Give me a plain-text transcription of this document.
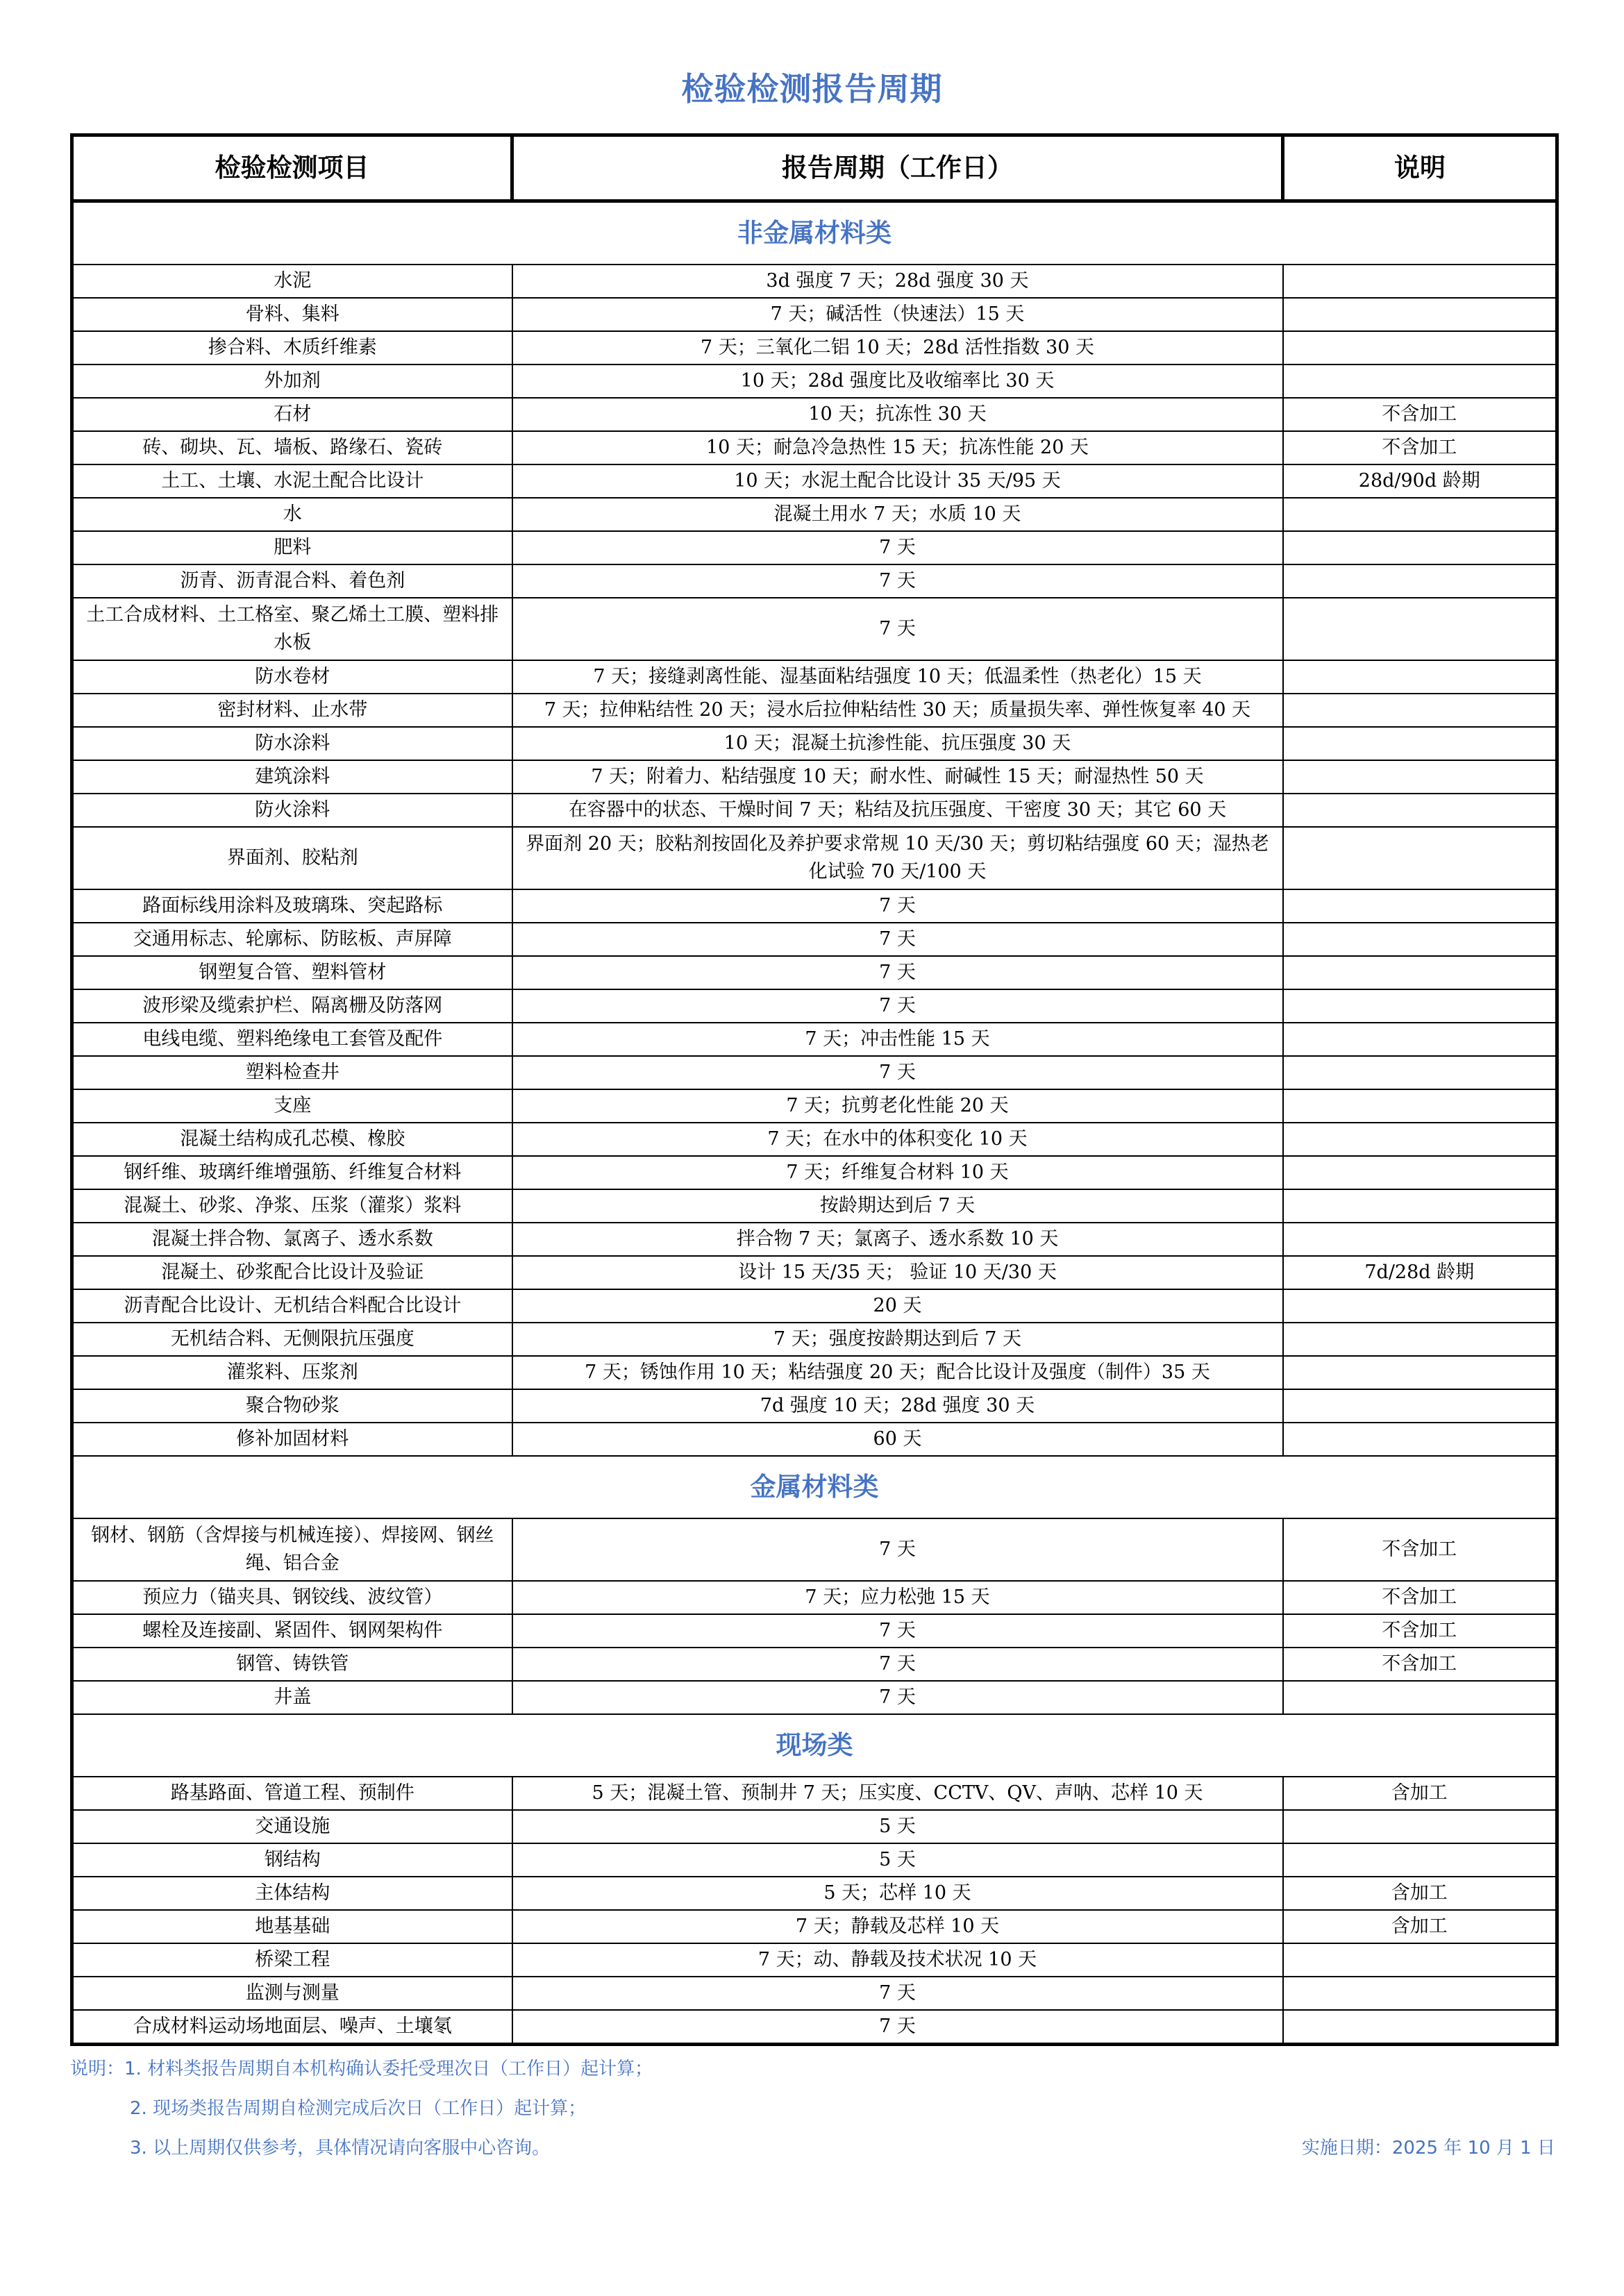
检验检测报告周期
检验检测项目	报告周期（工作日）	说明
非金属材料类		
水泥	3d 强度 7 天；28d 强度 30 天	
骨料、集料	7 天；碱活性（快速法）15 天	
掺合料、木质纤维素	7 天；三氧化二铝 10 天；28d 活性指数 30 天	
外加剂	10 天；28d 强度比及收缩率比 30 天	
石材	10 天；抗冻性 30 天	不含加工
砖、砌块、瓦、墙板、路缘石、瓷砖	10 天；耐急冷急热性 15 天；抗冻性能 20 天	不含加工
土工、土壤、水泥土配合比设计	10 天；水泥土配合比设计 35 天/95 天	28d/90d 龄期
水	混凝土用水 7 天；水质 10 天	
肥料	7 天	
沥青、沥青混合料、着色剂	7 天	
土工合成材料、土工格室、聚乙烯土工膜、塑料排水板	7 天	
防水卷材	7 天；接缝剥离性能、湿基面粘结强度 10 天；低温柔性（热老化）15 天	
密封材料、止水带	7 天；拉伸粘结性 20 天；浸水后拉伸粘结性 30 天；质量损失率、弹性恢复率 40 天	
防水涂料	10 天；混凝土抗渗性能、抗压强度 30 天	
建筑涂料	7 天；附着力、粘结强度 10 天；耐水性、耐碱性 15 天；耐湿热性 50 天	
防火涂料	在容器中的状态、干燥时间 7 天；粘结及抗压强度、干密度 30 天；其它 60 天	
界面剂、胶粘剂	界面剂 20 天；胶粘剂按固化及养护要求常规 10 天/30 天；剪切粘结强度 60 天；湿热老化试验 70 天/100 天	
路面标线用涂料及玻璃珠、突起路标	7 天	
交通用标志、轮廓标、防眩板、声屏障	7 天	
钢塑复合管、塑料管材	7 天	
波形梁及缆索护栏、隔离栅及防落网	7 天	
电线电缆、塑料绝缘电工套管及配件	7 天；冲击性能 15 天	
塑料检查井	7 天	
支座	7 天；抗剪老化性能 20 天	
混凝土结构成孔芯模、橡胶	7 天；在水中的体积变化 10 天	
钢纤维、玻璃纤维增强筋、纤维复合材料	7 天；纤维复合材料 10 天	
混凝土、砂浆、净浆、压浆（灌浆）浆料	按龄期达到后 7 天	
混凝土拌合物、氯离子、透水系数	拌合物 7 天；氯离子、透水系数 10 天	
混凝土、砂浆配合比设计及验证	设计 15 天/35 天； 验证 10 天/30 天	7d/28d 龄期
沥青配合比设计、无机结合料配合比设计	20 天	
无机结合料、无侧限抗压强度	7 天；强度按龄期达到后 7 天	
灌浆料、压浆剂	7 天；锈蚀作用 10 天；粘结强度 20 天；配合比设计及强度（制件）35 天	
聚合物砂浆	7d 强度 10 天；28d 强度 30 天	
修补加固材料	60 天	
金属材料类		
钢材、钢筋（含焊接与机械连接）、焊接网、钢丝绳、铝合金	7 天	不含加工
预应力（锚夹具、钢铰线、波纹管）	7 天；应力松弛 15 天	不含加工
螺栓及连接副、紧固件、钢网架构件	7 天	不含加工
钢管、铸铁管	7 天	不含加工
井盖	7 天	
现场类		
路基路面、管道工程、预制件	5 天；混凝土管、预制井 7 天；压实度、CCTV、QV、声呐、芯样 10 天	含加工
交通设施	5 天	
钢结构	5 天	
主体结构	5 天；芯样 10 天	含加工
地基基础	7 天；静载及芯样 10 天	含加工
桥梁工程	7 天；动、静载及技术状况 10 天	
监测与测量	7 天	
合成材料运动场地面层、噪声、土壤氡	7 天	
说明：1. 材料类报告周期自本机构确认委托受理次日（工作日）起计算；
2. 现场类报告周期自检测完成后次日（工作日）起计算；
3. 以上周期仅供参考，具体情况请向客服中心咨询。	实施日期：2025 年 10 月 1 日
